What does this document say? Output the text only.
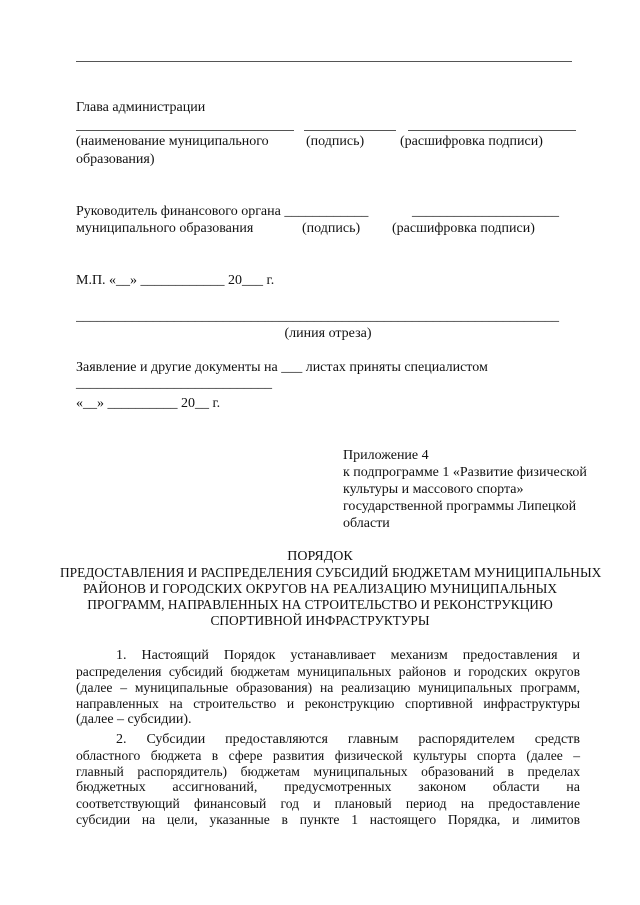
Глава администрации
(наименование муниципального	(подпись)	(расшифровка подписи)
образования)
Руководитель финансового органа ____________	_____________________
муниципального образования	(подпись) (расшифровка подписи)
М.П. «__» ____________ 20___ г.
_____________________________________________________________________
(линия отреза)
Заявление и другие документы на ___ листах приняты специалистом
____________________________
«__» __________ 20__ г.
Приложение 4
к подпрограмме 1 «Развитие физической
культуры и массового спорта»
государственной программы Липецкой
области
ПОРЯДОК
ПРЕДОСТАВЛЕНИЯ И РАСПРЕДЕЛЕНИЯ СУБСИДИЙ БЮДЖЕТАМ МУНИЦИПАЛЬНЫХ
РАЙОНОВ И ГОРОДСКИХ ОКРУГОВ НА РЕАЛИЗАЦИЮ МУНИЦИПАЛЬНЫХ
ПРОГРАММ, НАПРАВЛЕННЫХ НА СТРОИТЕЛЬСТВО И РЕКОНСТРУКЦИЮ
СПОРТИВНОЙ ИНФРАСТРУКТУРЫ
1. Настоящий Порядок устанавливает механизм предоставления и
распределения субсидий бюджетам муниципальных районов и городских округов
(далее – муниципальные образования) на реализацию муниципальных программ,
направленных на строительство и реконструкцию спортивной инфраструктуры
(далее – субсидии).
2. Субсидии предоставляются главным распорядителем средств
областного бюджета в сфере развития физической культуры спорта (далее –
главный распорядитель) бюджетам муниципальных образований в пределах
бюджетных ассигнований, предусмотренных законом области на
соответствующий финансовый год и плановый период на предоставление
субсидии на цели, указанные в пункте 1 настоящего Порядка, и лимитов
